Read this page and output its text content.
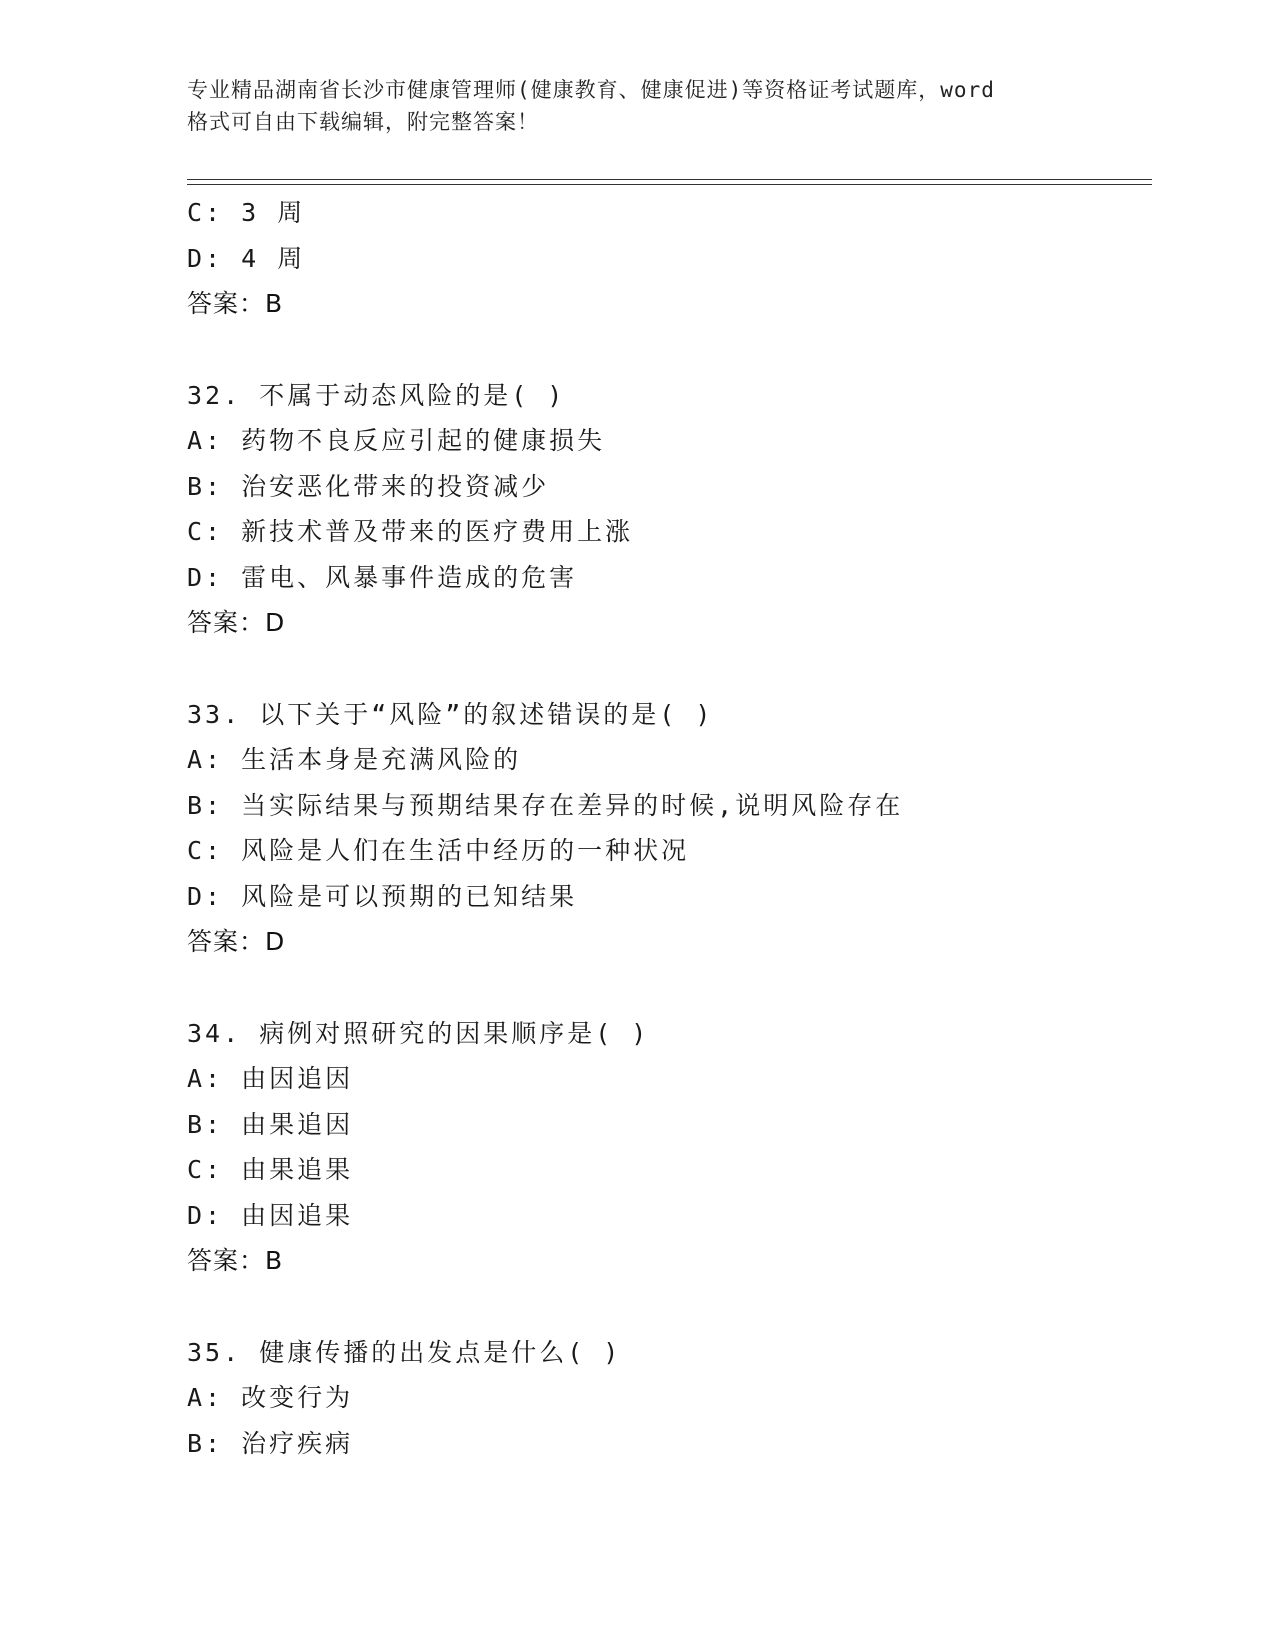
专业精品湖南省长沙市健康管理师(健康教育、健康促进)等资格证考试题库，word
格式可自由下载编辑，附完整答案！
C: 3 周
D: 4 周
答案：B
32. 不属于动态风险的是( )
A: 药物不良反应引起的健康损失
B: 治安恶化带来的投资减少
C: 新技术普及带来的医疗费用上涨
D: 雷电、风暴事件造成的危害
答案：D
33. 以下关于“风险”的叙述错误的是( )
A: 生活本身是充满风险的
B: 当实际结果与预期结果存在差异的时候,说明风险存在
C: 风险是人们在生活中经历的一种状况
D: 风险是可以预期的已知结果
答案：D
34. 病例对照研究的因果顺序是( )
A: 由因追因
B: 由果追因
C: 由果追果
D: 由因追果
答案：B
35. 健康传播的出发点是什么( )
A: 改变行为
B: 治疗疾病
